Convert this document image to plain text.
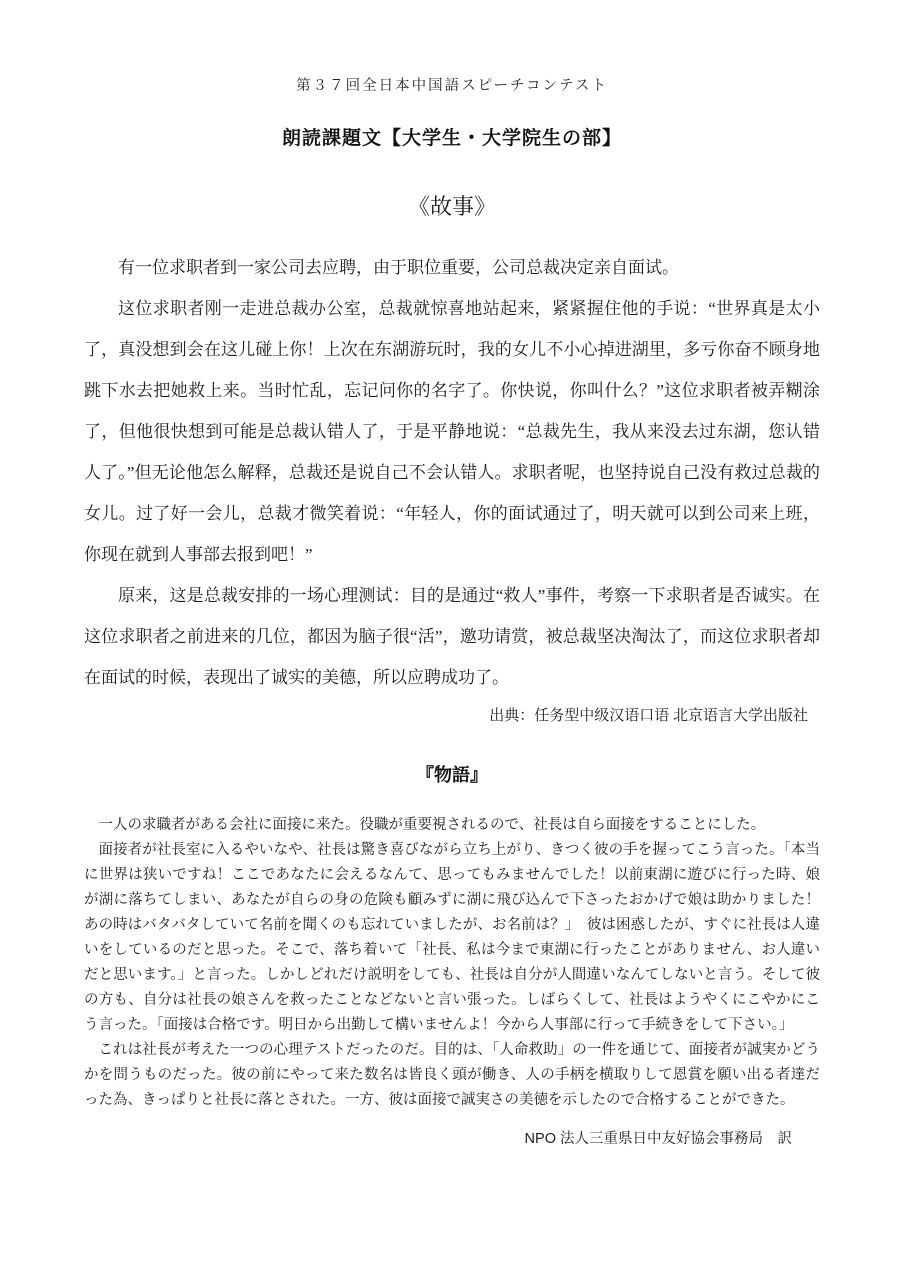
第３７回全日本中国語スピーチコンテスト
朗読課題文【大学生・大学院生の部】
《故事》

有一位求职者到一家公司去应聘，由于职位重要，公司总裁决定亲自面试。

这位求职者刚一走进总裁办公室，总裁就惊喜地站起来，紧紧握住他的手说：“世界真是太小了，真没想到会在这儿碰上你！上次在东湖游玩时，我的女儿不小心掉进湖里，多亏你奋不顾身地跳下水去把她救上来。当时忙乱，忘记问你的名字了。你快说，你叫什么？”这位求职者被弄糊涂了，但他很快想到可能是总裁认错人了，于是平静地说：“总裁先生，我从来没去过东湖，您认错人了。”但无论他怎么解释，总裁还是说自己不会认错人。求职者呢，也坚持说自己没有救过总裁的女儿。过了好一会儿，总裁才微笑着说：“年轻人，你的面试通过了，明天就可以到公司来上班，你现在就到人事部去报到吧！”

原来，这是总裁安排的一场心理测试：目的是通过“救人”事件，考察一下求职者是否诚实。在这位求职者之前进来的几位，都因为脑子很“活”，邀功请赏，被总裁坚决淘汰了，而这位求职者却在面试的时候，表现出了诚实的美德，所以应聘成功了。

出典：任务型中级汉语口语 北京语言大学出版社
『物語』

一人の求職者がある会社に面接に来た。役職が重要視されるので、社長は自ら面接をすることにした。

面接者が社長室に入るやいなや、社長は驚き喜びながら立ち上がり、きつく彼の手を握ってこう言った。「本当に世界は狭いですね！ここであなたに会えるなんて、思ってもみませんでした！以前東湖に遊びに行った時、娘が湖に落ちてしまい、あなたが自らの身の危険も顧みずに湖に飛び込んで下さったおかげで娘は助かりました！あの時はバタバタしていて名前を聞くのも忘れていましたが、お名前は？」　彼は困惑したが、すぐに社長は人違いをしているのだと思った。そこで、落ち着いて「社長、私は今まで東湖に行ったことがありません、お人違いだと思います。」と言った。しかしどれだけ説明をしても、社長は自分が人間違いなんてしないと言う。そして彼の方も、自分は社長の娘さんを救ったことなどないと言い張った。しばらくして、社長はようやくにこやかにこう言った。「面接は合格です。明日から出勤して構いませんよ！今から人事部に行って手続きをして下さい。」

これは社長が考えた一つの心理テストだったのだ。目的は、「人命救助」の一件を通じて、面接者が誠実かどうかを問うものだった。彼の前にやって来た数名は皆良く頭が働き、人の手柄を横取りして恩賞を願い出る者達だった為、きっぱりと社長に落とされた。一方、彼は面接で誠実さの美徳を示したので合格することができた。

NPO 法人三重県日中友好協会事務局　訳
